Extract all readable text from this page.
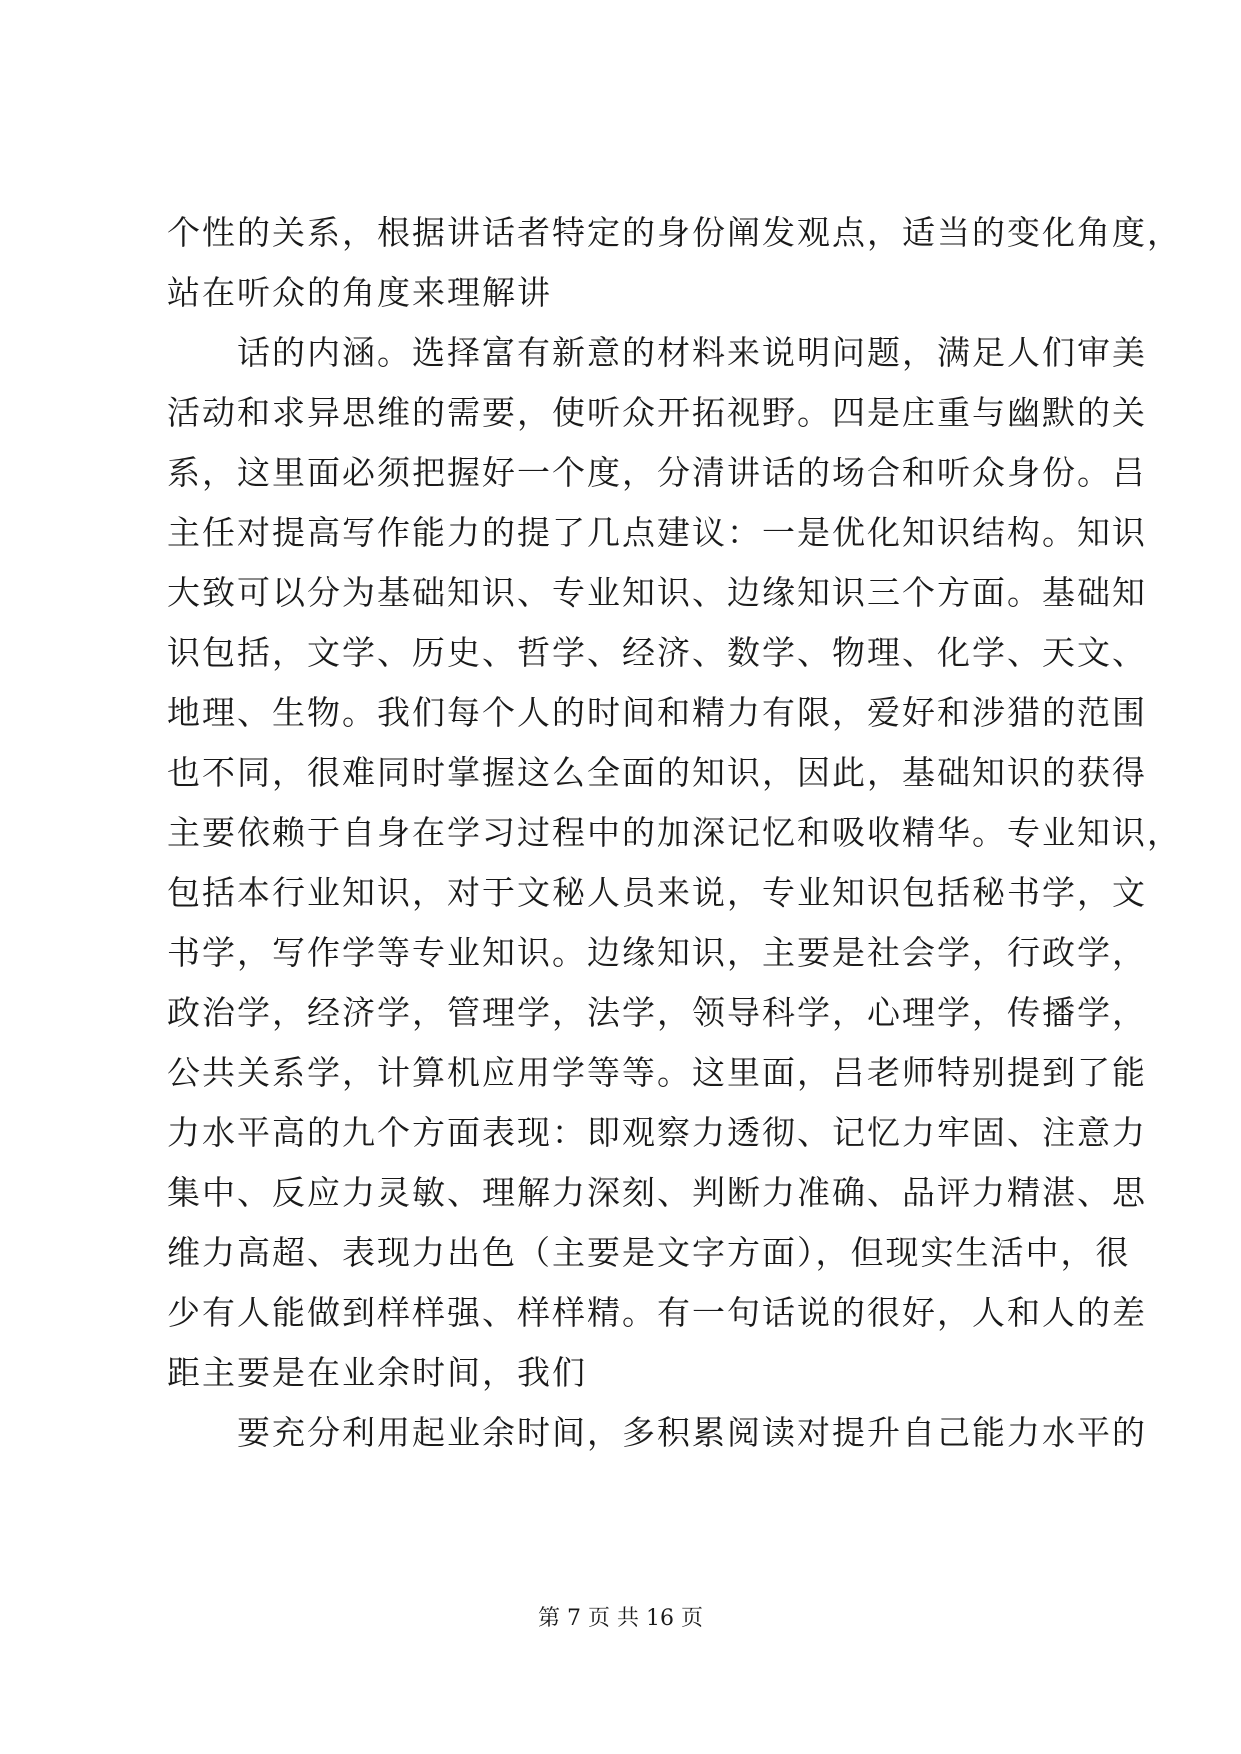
个性的关系，根据讲话者特定的身份阐发观点，适当的变化角度，
站在听众的角度来理解讲
　　话的内涵。选择富有新意的材料来说明问题，满足人们审美
活动和求异思维的需要，使听众开拓视野。四是庄重与幽默的关
系，这里面必须把握好一个度，分清讲话的场合和听众身份。吕
主任对提高写作能力的提了几点建议：一是优化知识结构。知识
大致可以分为基础知识、专业知识、边缘知识三个方面。基础知
识包括，文学、历史、哲学、经济、数学、物理、化学、天文、
地理、生物。我们每个人的时间和精力有限，爱好和涉猎的范围
也不同，很难同时掌握这么全面的知识，因此，基础知识的获得
主要依赖于自身在学习过程中的加深记忆和吸收精华。专业知识，
包括本行业知识，对于文秘人员来说，专业知识包括秘书学，文
书学，写作学等专业知识。边缘知识，主要是社会学，行政学，
政治学，经济学，管理学，法学，领导科学，心理学，传播学，
公共关系学，计算机应用学等等。这里面，吕老师特别提到了能
力水平高的九个方面表现：即观察力透彻、记忆力牢固、注意力
集中、反应力灵敏、理解力深刻、判断力准确、品评力精湛、思
维力高超、表现力出色（主要是文字方面），但现实生活中，很
少有人能做到样样强、样样精。有一句话说的很好，人和人的差
距主要是在业余时间，我们
　　要充分利用起业余时间，多积累阅读对提升自己能力水平的
第 7 页 共 16 页
